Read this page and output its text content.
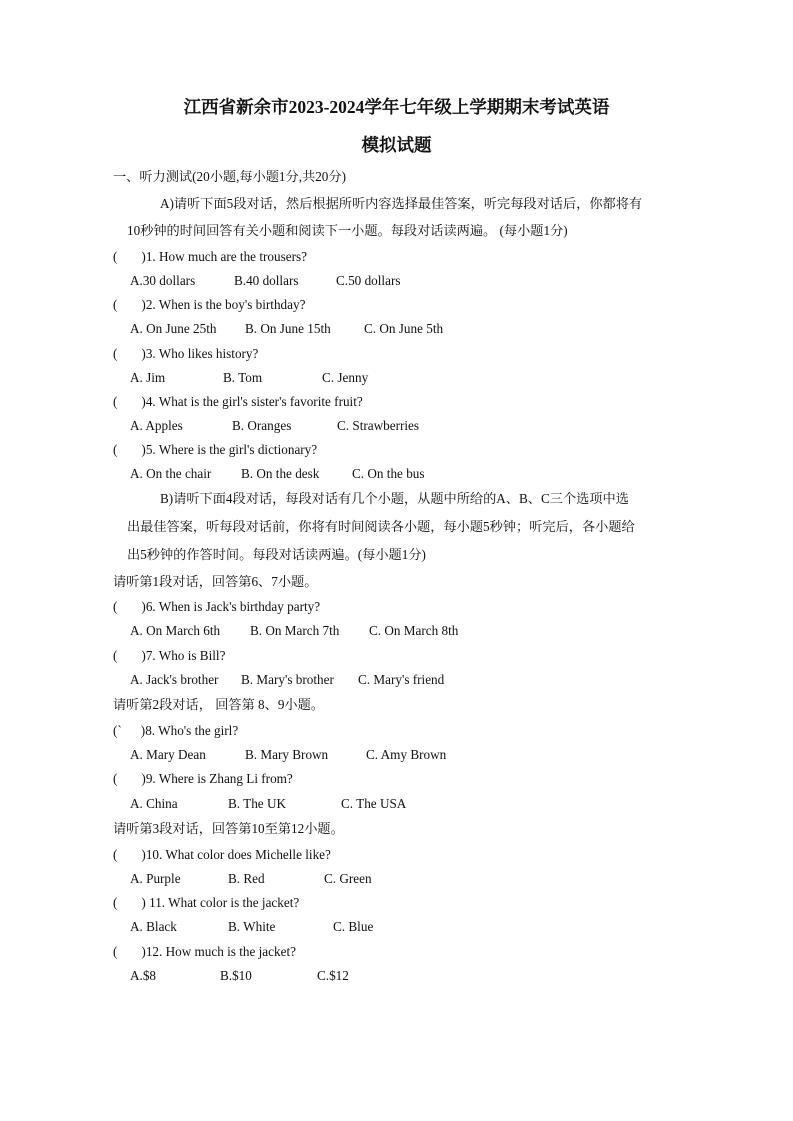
江西省新余市2023-2024学年七年级上学期期末考试英语
模拟试题
一、听力测试(20小题,每小题1分,共20分)
A)请听下面5段对话，然后根据所听内容选择最佳答案，听完每段对话后，你都将有
10秒钟的时间回答有关小题和阅读下一小题。每段对话读两遍。 (每小题1分)
( )1. How much are the trousers?
A.30 dollars	B.40 dollars	C.50 dollars
( )2. When is the boy's birthday?
A. On June 25th B. On June 15th	C. On June 5th
( )3. Who likes history?
A. Jim	B. Tom	C. Jenny
( )4. What is the girl's sister's favorite fruit?
A. Apples	B. Oranges	C. Strawberries
( )5. Where is the girl's dictionary?
A. On the chair B. On the desk C. On the bus
B)请听下面4段对话，每段对话有几个小题，从题中所给的A、B、C三个选项中选
出最佳答案，听每段对话前，你将有时间阅读各小题，每小题5秒钟；听完后，各小题给
出5秒钟的作答时间。每段对话读两遍。(每小题1分)
请听第1段对话，回答第6、7小题。
( )6. When is Jack's birthday party?
A. On March 6th B. On March 7th C. On March 8th
( )7. Who is Bill?
A. Jack's brother B. Mary's brother C. Mary's friend
请听第2段对话， 回答第 8、9小题。
(` )8. Who's the girl?
A. Mary Dean	B. Mary Brown	C. Amy Brown
( )9. Where is Zhang Li from?
A. China	B. The UK	C. The USA
请听第3段对话，回答第10至第12小题。
( )10. What color does Michelle like?
A. Purple	B. Red	C. Green
( ) 11. What color is the jacket?
A. Black	B. White	C. Blue
( )12. How much is the jacket?
A.$8	B.$10	C.$12
